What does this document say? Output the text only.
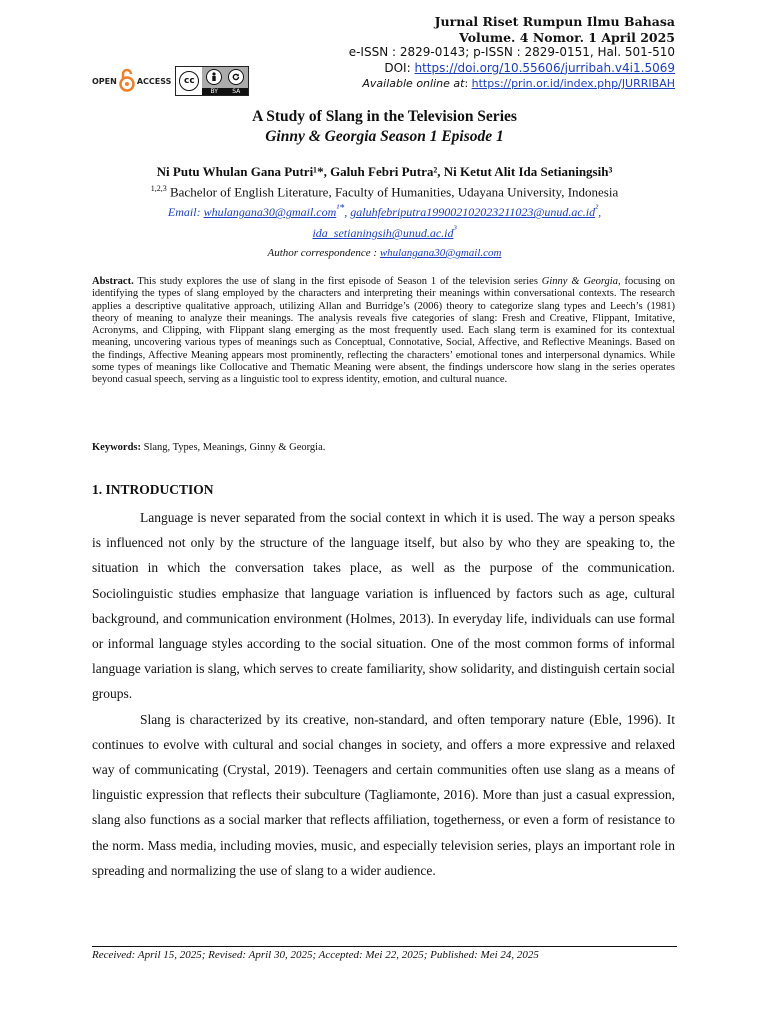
Jurnal Riset Rumpun Ilmu Bahasa
Volume. 4 Nomor. 1 April 2025
e-ISSN : 2829-0143; p-ISSN : 2829-0151, Hal. 501-510
DOI: https://doi.org/10.55606/jurribah.v4i1.5069
Available online at: https://prin.or.id/index.php/JURRIBAH
OPEN	ACCESS	cc
BY SA
A Study of Slang in the Television Series
Ginny & Georgia Season 1 Episode 1
Ni Putu Whulan Gana Putri¹*, Galuh Febri Putra², Ni Ketut Alit Ida Setianingsih³
$^{1,2,3}$ Bachelor of English Literature, Faculty of Humanities, Udayana University, Indonesia
Email: whulangana30@gmail.com$^{^1*}$, $galuhfebriputra199002102023211023@unud.ac.id^{^2}$,
$ida\_setianingsih@unud.ac.id^{^3}$
Author correspondence : whulangana30@gmail.com
Abstract. This study explores the use of slang in the first episode of Season 1 of the television series Ginny & Georgia, focusing on identifying the types of slang employed by the characters and interpreting their meanings within conversational contexts. The research applies a descriptive qualitative approach, utilizing Allan and Burridge’s (2006) theory to categorize slang types and Leech’s (1981) theory of meaning to analyze their meanings. The analysis reveals five categories of slang: Fresh and Creative, Flippant, Imitative, Acronyms, and Clipping, with Flippant slang emerging as the most frequently used. Each slang term is examined for its contextual meaning, uncovering various types of meanings such as Conceptual, Connotative, Social, Affective, and Reflective Meanings. Based on the findings, Affective Meaning appears most prominently, reflecting the characters’ emotional tones and interpersonal dynamics. While some types of meanings like Collocative and Thematic Meaning were absent, the findings underscore how slang in the series operates beyond casual speech, serving as a linguistic tool to express identity, emotion, and cultural nuance.
Keywords: Slang, Types, Meanings, Ginny & Georgia.
1. INTRODUCTION

Language is never separated from the social context in which it is used. The way a person speaks is influenced not only by the structure of the language itself, but also by who they are speaking to, the situation in which the conversation takes place, as well as the purpose of the communication. Sociolinguistic studies emphasize that language variation is influenced by factors such as age, cultural background, and communication environment (Holmes, 2013). In everyday life, individuals can use formal or informal language styles according to the social situation. One of the most common forms of informal language variation is slang, which serves to create familiarity, show solidarity, and distinguish certain social groups.

Slang is characterized by its creative, non-standard, and often temporary nature (Eble, 1996). It continues to evolve with cultural and social changes in society, and offers a more expressive and relaxed way of communicating (Crystal, 2019). Teenagers and certain communities often use slang as a means of linguistic expression that reflects their subculture (Tagliamonte, 2016). More than just a casual expression, slang also functions as a social marker that reflects affiliation, togetherness, or even a form of resistance to the norm. Mass media, including movies, music, and especially television series, plays an important role in spreading and normalizing the use of slang to a wider audience.

Received: April 15, 2025; Revised: April 30, 2025; Accepted: Mei 22, 2025; Published: Mei 24, 2025
